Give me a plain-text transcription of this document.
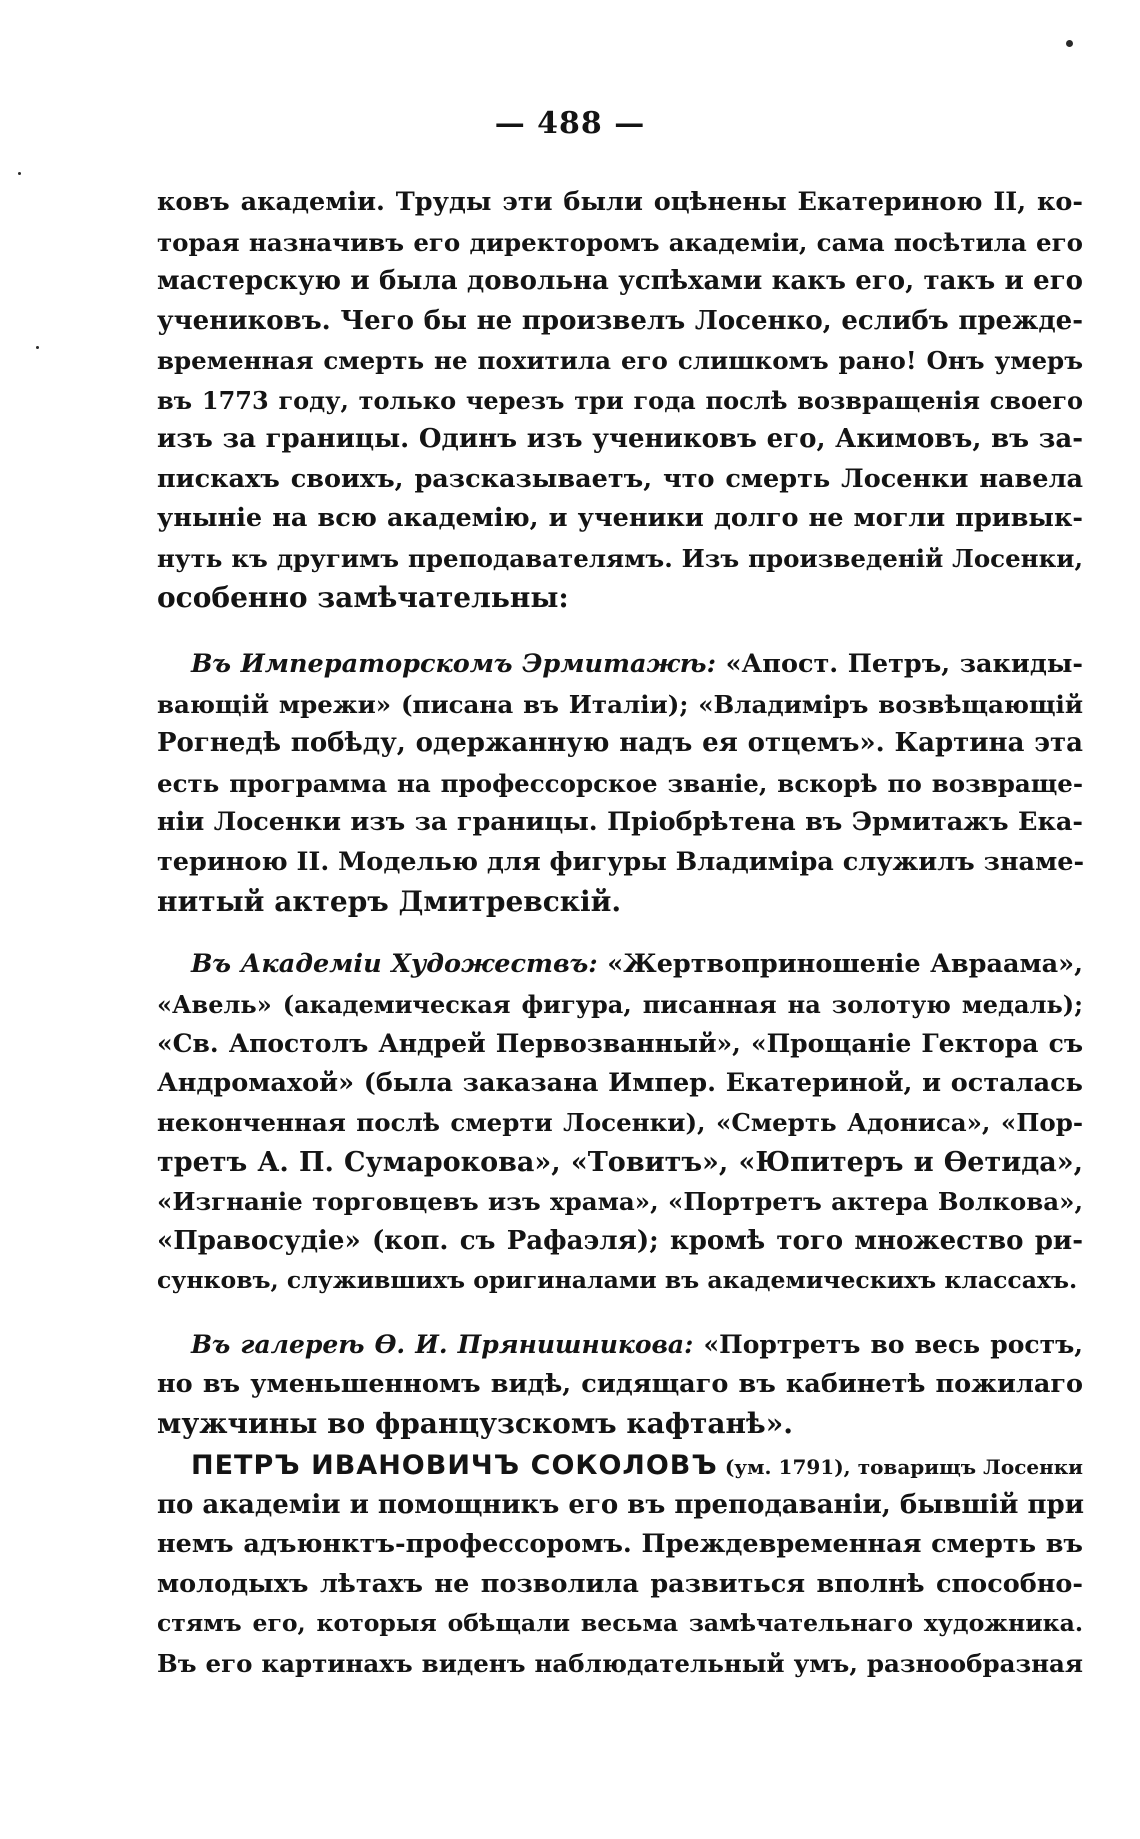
— 488 —
ковъ академіи. Труды эти были оцѣнены Екатериною II, ко-
торая назначивъ его директоромъ академіи, сама посѣтила его
мастерскую и была довольна успѣхами какъ его, такъ и его
учениковъ. Чего бы не произвелъ Лосенко, еслибъ прежде-
временная смерть не похитила его слишкомъ рано! Онъ умеръ
въ 1773 году, только черезъ три года послѣ возвращенія своего
изъ за границы. Одинъ изъ учениковъ его, Акимовъ, въ за-
пискахъ своихъ, разсказываетъ, что смерть Лосенки навела
уныніе на всю академію, и ученики долго не могли привык-
нуть къ другимъ преподавателямъ. Изъ произведеній Лосенки,
особенно замѣчательны:
Въ Императорскомъ Эрмитажѣ: «Апост. Петръ, закиды-
вающій мрежи» (писана въ Италіи); «Владиміръ возвѣщающій
Рогнедѣ побѣду, одержанную надъ ея отцемъ». Картина эта
есть программа на профессорское званіе, вскорѣ по возвраще-
ніи Лосенки изъ за границы. Пріобрѣтена въ Эрмитажъ Ека-
териною II. Моделью для фигуры Владиміра служилъ знаме-
нитый актеръ Дмитревскій.
Въ Академіи Художествъ: «Жертвоприношеніе Авраама»,
«Авель» (академическая фигура, писанная на золотую медаль);
«Св. Апостолъ Андрей Первозванный», «Прощаніе Гектора съ
Андромахой» (была заказана Импер. Екатериной, и осталась
неконченная послѣ смерти Лосенки), «Смерть Адониса», «Пор-
третъ А. П. Сумарокова», «Товитъ», «Юпитеръ и Ѳетида»,
«Изгнаніе торговцевъ изъ храма», «Портретъ актера Волкова»,
«Правосудіе» (коп. съ Рафаэля); кромѣ того множество ри-
сунковъ, служившихъ оригиналами въ академическихъ классахъ.
Въ галереѣ Ѳ. И. Прянишникова: «Портретъ во весь ростъ,
но въ уменьшенномъ видѣ, сидящаго въ кабинетѣ пожилаго
мужчины во французскомъ кафтанѣ».
ПЕТРЪ ИВАНОВИЧЪ СОКОЛОВЪ (ум. 1791), товарищъ Лосенки
по академіи и помощникъ его въ преподаваніи, бывшій при
немъ адъюнктъ-профессоромъ. Преждевременная смерть въ
молодыхъ лѣтахъ не позволила развиться вполнѣ способно-
стямъ его, которыя обѣщали весьма замѣчательнаго художника.
Въ его картинахъ виденъ наблюдательный умъ, разнообразная
